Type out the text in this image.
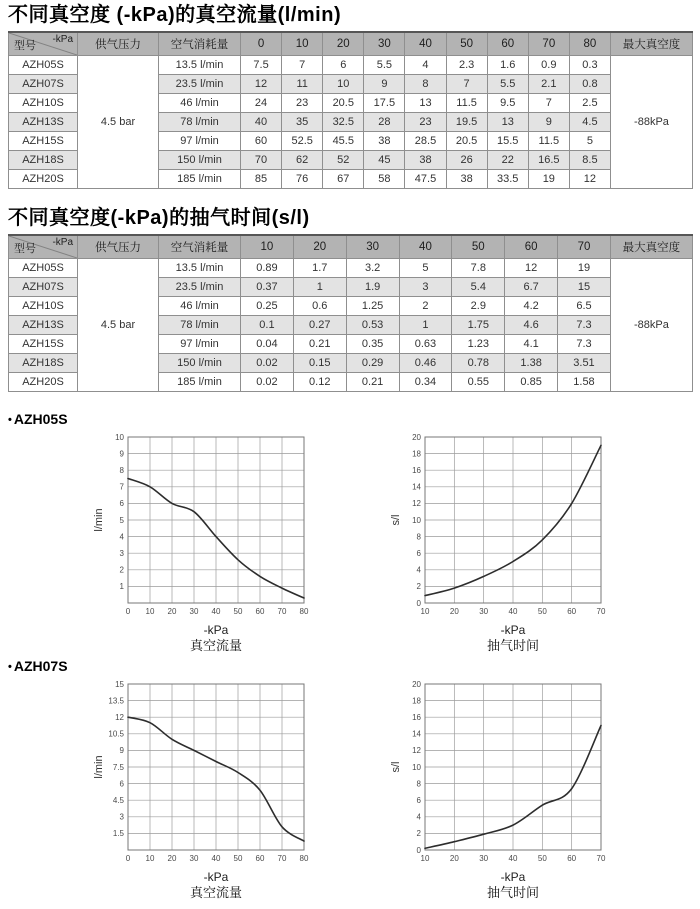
不同真空度 (-kPa)的真空流量(l/min)
-kPa
型号	供气压力	空气消耗量	0	10	20	30	40	50	60	70	80	最大真空度
AZH05S	4.5 bar	13.5 l/min	7.5	7	6	5.5	4	2.3	1.6	0.9	0.3	-88kPa
AZH07S		23.5 l/min	12	11	10	9	8	7	5.5	2.1	0.8	
AZH10S		46 l/min	24	23	20.5	17.5	13	11.5	9.5	7	2.5	
AZH13S		78 l/min	40	35	32.5	28	23	19.5	13	9	4.5	
AZH15S		97 l/min	60	52.5	45.5	38	28.5	20.5	15.5	11.5	5	
AZH18S		150 l/min	70	62	52	45	38	26	22	16.5	8.5	
AZH20S		185 l/min	85	76	67	58	47.5	38	33.5	19	12	
不同真空度(-kPa)的抽气时间(s/l)
-kPa
型号	供气压力	空气消耗量	10	20	30	40	50	60	70	最大真空度
AZH05S	4.5 bar	13.5 l/min	0.89	1.7	3.2	5	7.8	12	19	-88kPa
AZH07S		23.5 l/min	0.37	1	1.9	3	5.4	6.7	15	
AZH10S		46 l/min	0.25	0.6	1.25	2	2.9	4.2	6.5	
AZH13S		78 l/min	0.1	0.27	0.53	1	1.75	4.6	7.3	
AZH15S		97 l/min	0.04	0.21	0.35	0.63	1.23	4.1	7.3	
AZH18S		150 l/min	0.02	0.15	0.29	0.46	0.78	1.38	3.51	
AZH20S		185 l/min	0.02	0.12	0.21	0.34	0.55	0.85	1.58	
• AZH05S
0 10 20 30 40 50 60 70 80
1
2
3
4
5
6
7
8
9
10
l/min
-kPa
真空流量
10	20	30	40	50	60	70
0
2
4
6
8
10
12
14
16
18
20
s/l
-kPa
抽气时间
• AZH07S
0 10 20 30 40 50 60 70 80
1.5
3
4.5
6
7.5
9
10.5
12
13.5
15
l/min
-kPa
真空流量
10	20	30	40	50	60	70
0
2
4
6
8
10
12
14
16
18
20
s/l
-kPa
抽气时间
